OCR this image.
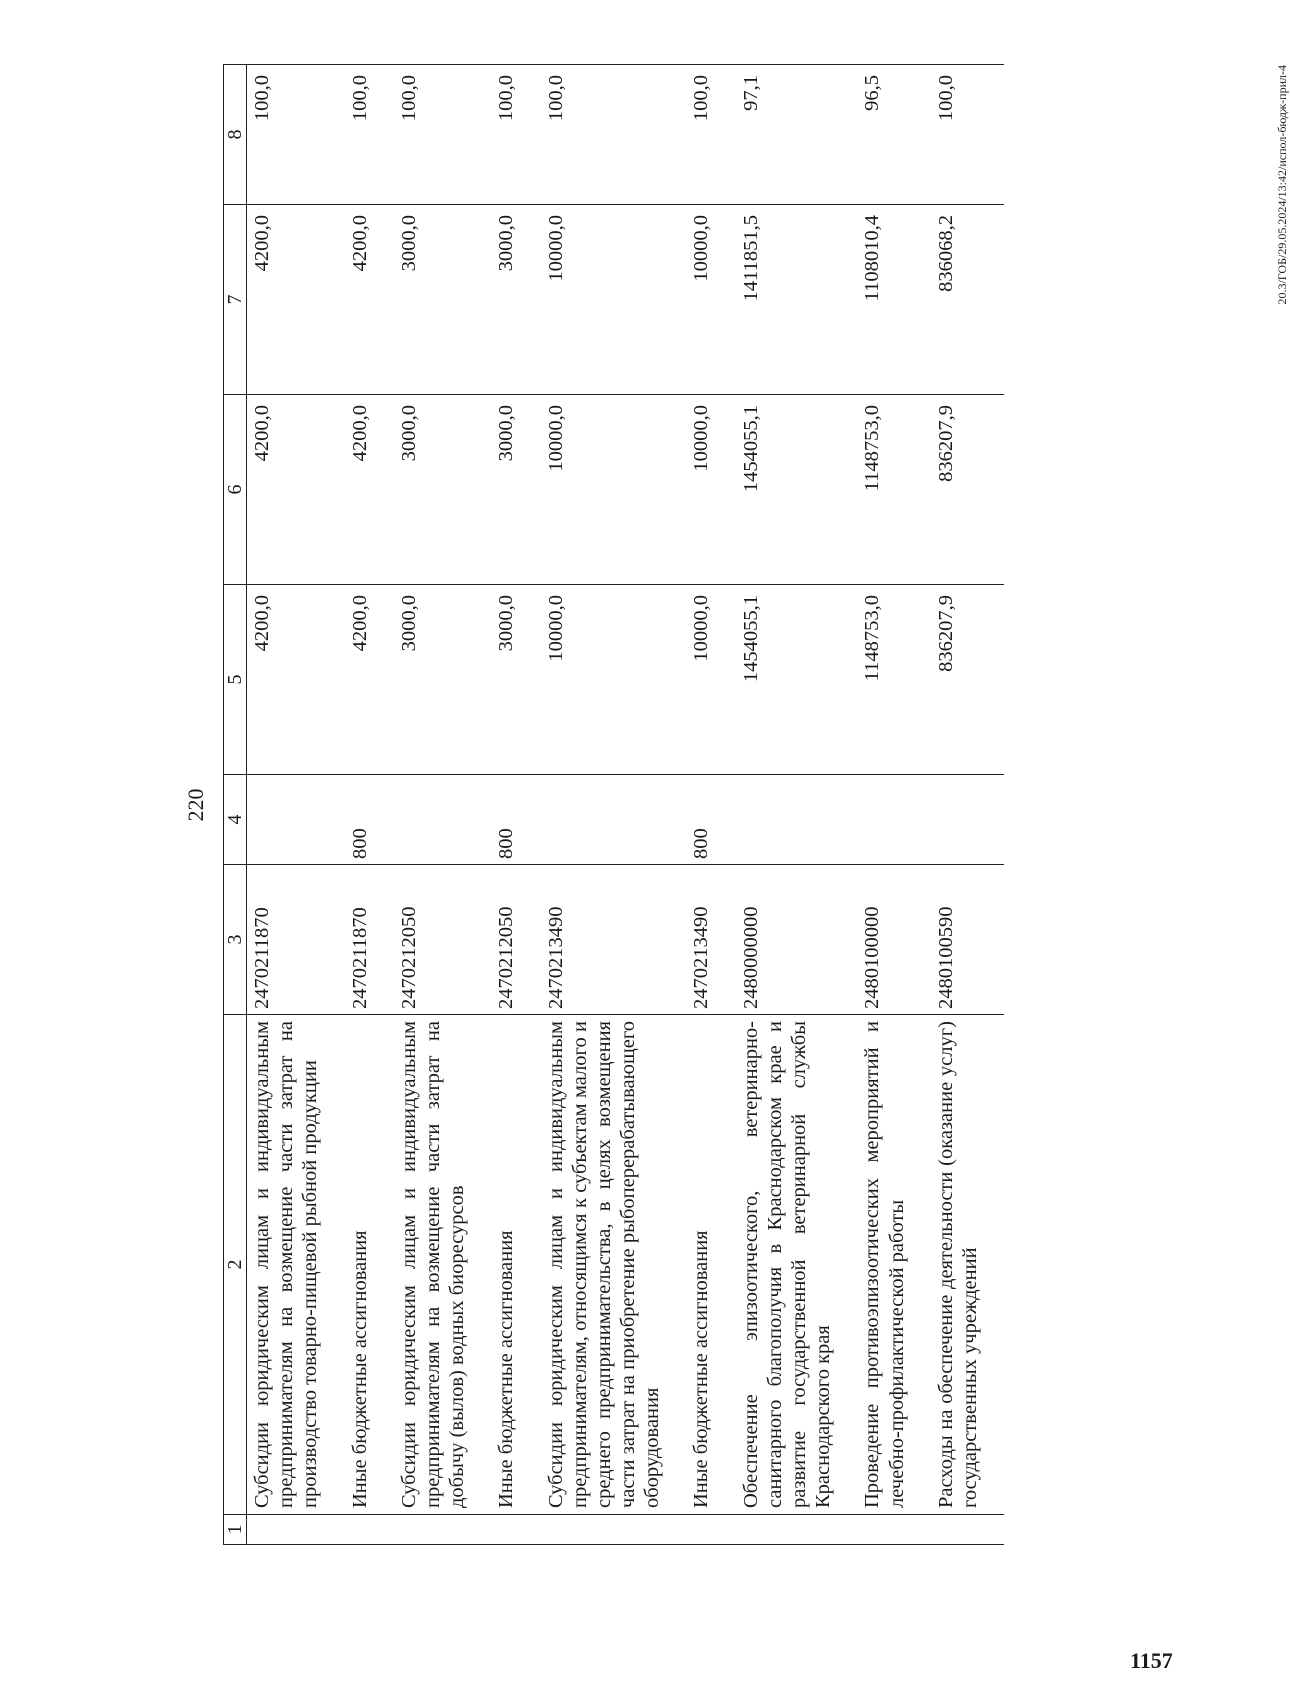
220
1	2	3	4	5	6	7	8
	Субсидии юридическим лицам и индивидуальным предпринимателям на возмещение части затрат на производство товарно-пищевой рыбной продукции	2470211870		4200,0	4200,0	4200,0	100,0
	Иные бюджетные ассигнования	2470211870	800	4200,0	4200,0	4200,0	100,0
	Субсидии юридическим лицам и индивидуальным предпринимателям на возмещение части затрат на добычу (вылов) водных биоресурсов	2470212050		3000,0	3000,0	3000,0	100,0
	Иные бюджетные ассигнования	2470212050	800	3000,0	3000,0	3000,0	100,0
	Субсидии юридическим лицам и индивидуальным предпринимателям, относящимся к субъектам малого и среднего предпринимательства, в целях возмещения части затрат на приобретение рыбоперерабатывающего оборудования	2470213490		10000,0	10000,0	10000,0	100,0
	Иные бюджетные ассигнования	2470213490	800	10000,0	10000,0	10000,0	100,0
	Обеспечение эпизоотического, ветеринарно-санитарного благополучия в Краснодарском крае и развитие государственной ветеринарной службы Краснодарского края	2480000000		1454055,1	1454055,1	1411851,5	97,1
	Проведение противоэпизоотических мероприятий и лечебно-профилактической работы	2480100000		1148753,0	1148753,0	1108010,4	96,5
	Расходы на обеспечение деятельности (оказание услуг) государственных учреждений	2480100590		836207,9	836207,9	836068,2	100,0	20.3/ГОБ/29.05.2024/13:42/испол-бюдж-прил-4
1157
